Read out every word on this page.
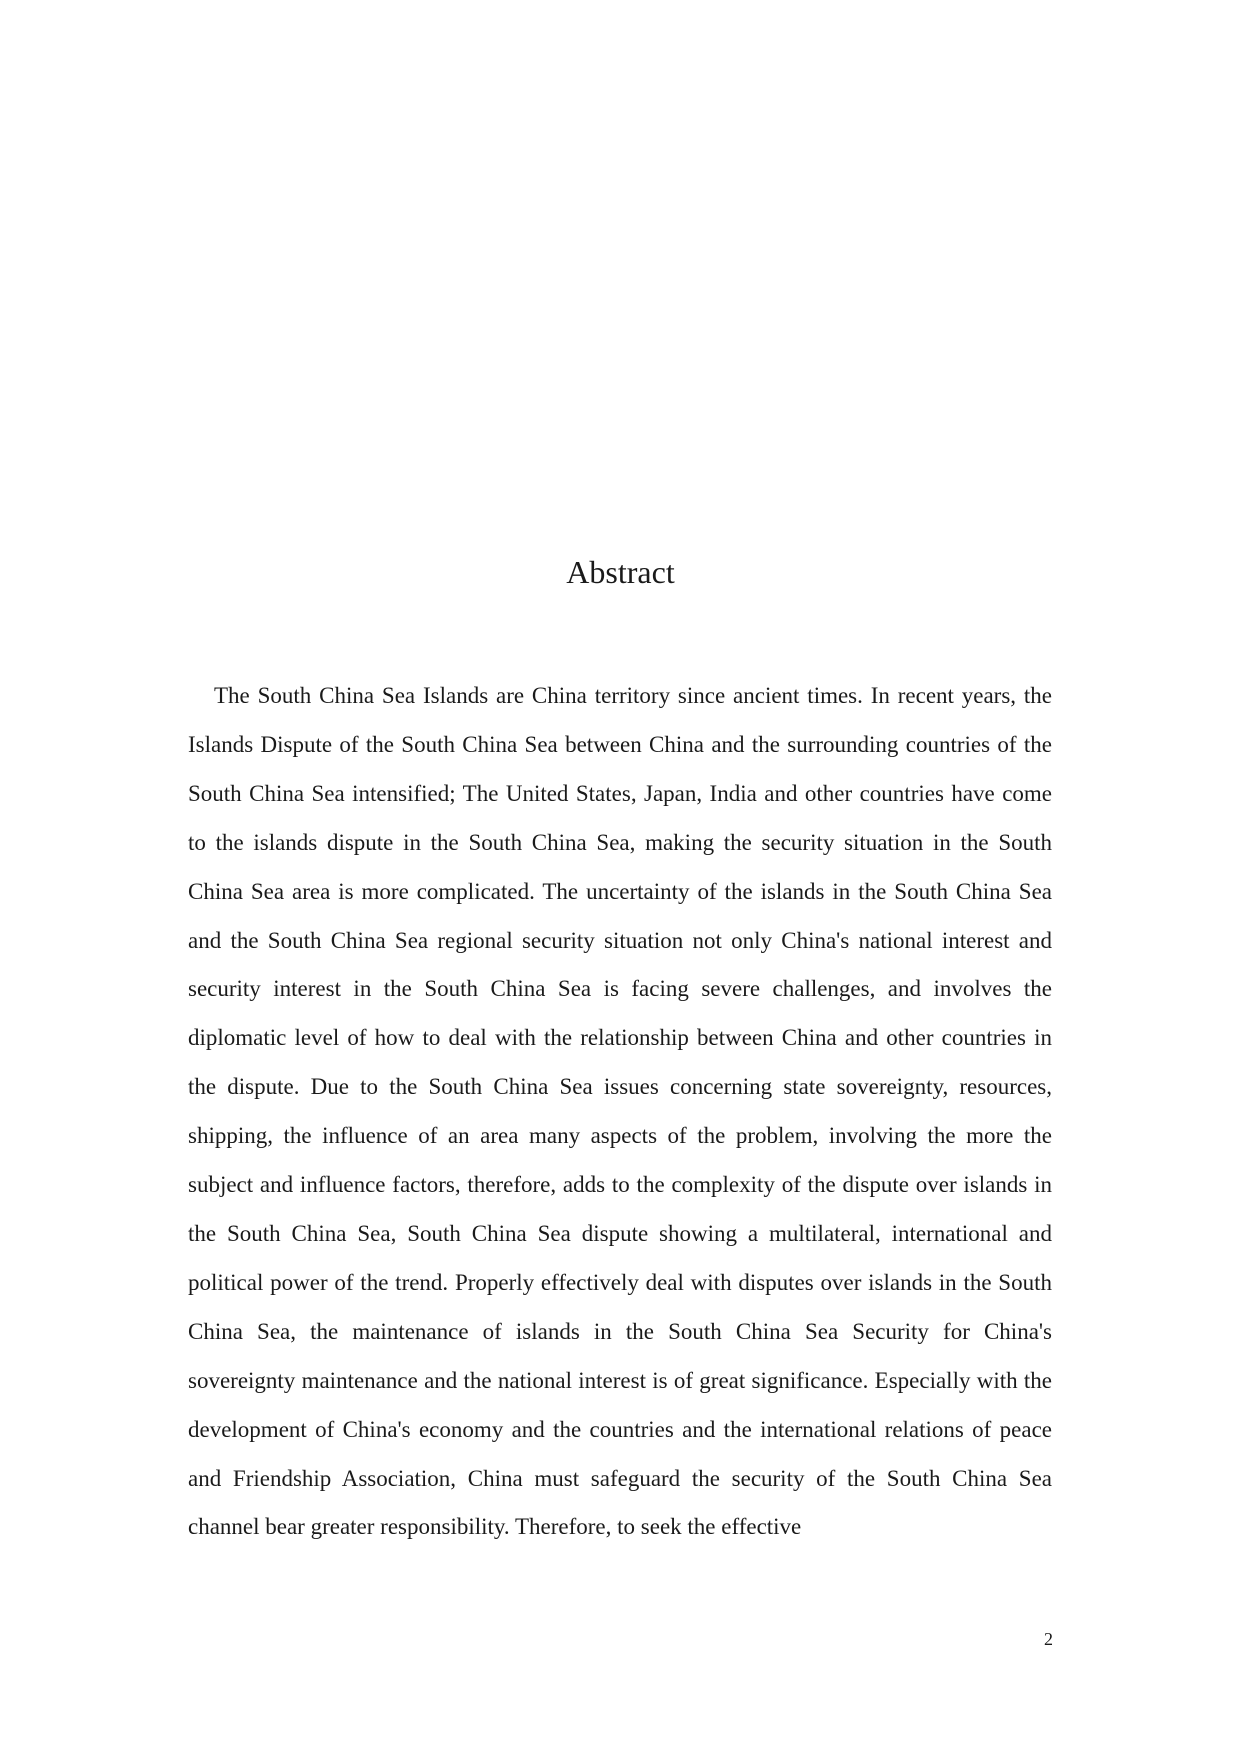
Abstract

The South China Sea Islands are China territory since ancient times. In recent years, the Islands Dispute of the South China Sea between China and the surrounding countries of the South China Sea intensified; The United States, Japan, India and other countries have come to the islands dispute in the South China Sea, making the security situation in the South China Sea area is more complicated. The uncertainty of the islands in the South China Sea and the South China Sea regional security situation not only China's national interest and security interest in the South China Sea is facing severe challenges, and involves the diplomatic level of how to deal with the relationship between China and other countries in the dispute. Due to the South China Sea issues concerning state sovereignty, resources, shipping, the influence of an area many aspects of the problem, involving the more the subject and influence factors, therefore, adds to the complexity of the dispute over islands in the South China Sea, South China Sea dispute showing a multilateral, international and political power of the trend. Properly effectively deal with disputes over islands in the South China Sea, the maintenance of islands in the South China Sea Security for China's sovereignty maintenance and the national interest is of great significance. Especially with the development of China's economy and the countries and the international relations of peace and Friendship Association, China must safeguard the security of the South China Sea channel bear greater responsibility. Therefore, to seek the effective

2
